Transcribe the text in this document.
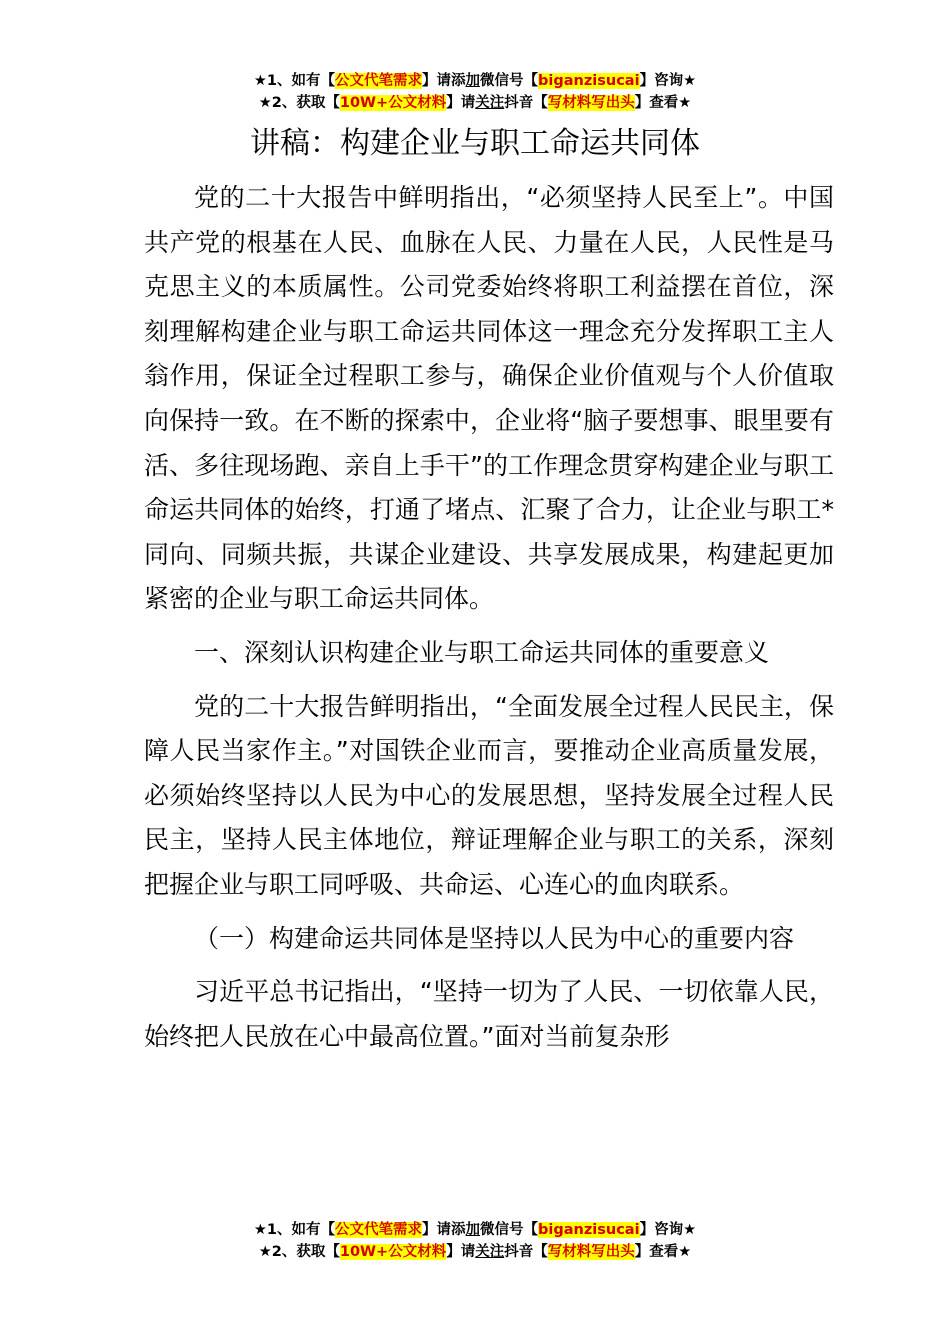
★1、如有【公文代笔需求】请添加微信号【biganzisucai】咨询★
★2、获取【10W+公文材料】请关注抖音【写材料写出头】查看★
讲稿：构建企业与职工命运共同体

党的二十大报告中鲜明指出，“必须坚持人民至上”。中国共产党的根基在人民、血脉在人民、力量在人民，人民性是马克思主义的本质属性。公司党委始终将职工利益摆在首位，深刻理解构建企业与职工命运共同体这一理念充分发挥职工主人翁作用，保证全过程职工参与，确保企业价值观与个人价值取向保持一致。在不断的探索中，企业将“脑子要想事、眼里要有活、多往现场跑、亲自上手干”的工作理念贯穿构建企业与职工命运共同体的始终，打通了堵点、汇聚了合力，让企业与职工*同向、同频共振，共谋企业建设、共享发展成果，构建起更加紧密的企业与职工命运共同体。

一、深刻认识构建企业与职工命运共同体的重要意义

党的二十大报告鲜明指出，“全面发展全过程人民民主，保障人民当家作主。”对国铁企业而言，要推动企业高质量发展，必须始终坚持以人民为中心的发展思想，坚持发展全过程人民民主，坚持人民主体地位，辩证理解企业与职工的关系，深刻把握企业与职工同呼吸、共命运、心连心的血肉联系。

（一）构建命运共同体是坚持以人民为中心的重要内容

习近平总书记指出，“坚持一切为了人民、一切依靠人民，始终把人民放在心中最高位置。”面对当前复杂形

★1、如有【公文代笔需求】请添加微信号【biganzisucai】咨询★
★2、获取【10W+公文材料】请关注抖音【写材料写出头】查看★
